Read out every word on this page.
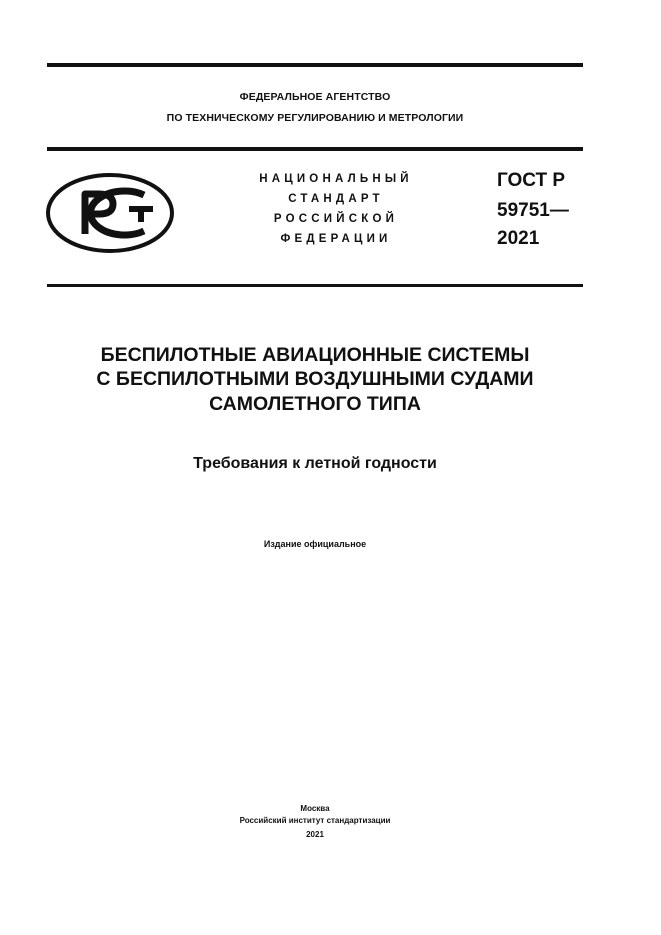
ФЕДЕРАЛЬНОЕ АГЕНТСТВО
ПО ТЕХНИЧЕСКОМУ РЕГУЛИРОВАНИЮ И МЕТРОЛОГИИ
НАЦИОНАЛЬНЫЙ
СТАНДАРТ
РОССИЙСКОЙ
ФЕДЕРАЦИИ
ГОСТ Р
59751—
2021
БЕСПИЛОТНЫЕ АВИАЦИОННЫЕ СИСТЕМЫ
С БЕСПИЛОТНЫМИ ВОЗДУШНЫМИ СУДАМИ
САМОЛЕТНОГО ТИПА
Требования к летной годности
Издание официальное
Москва
Российский институт стандартизации
2021
